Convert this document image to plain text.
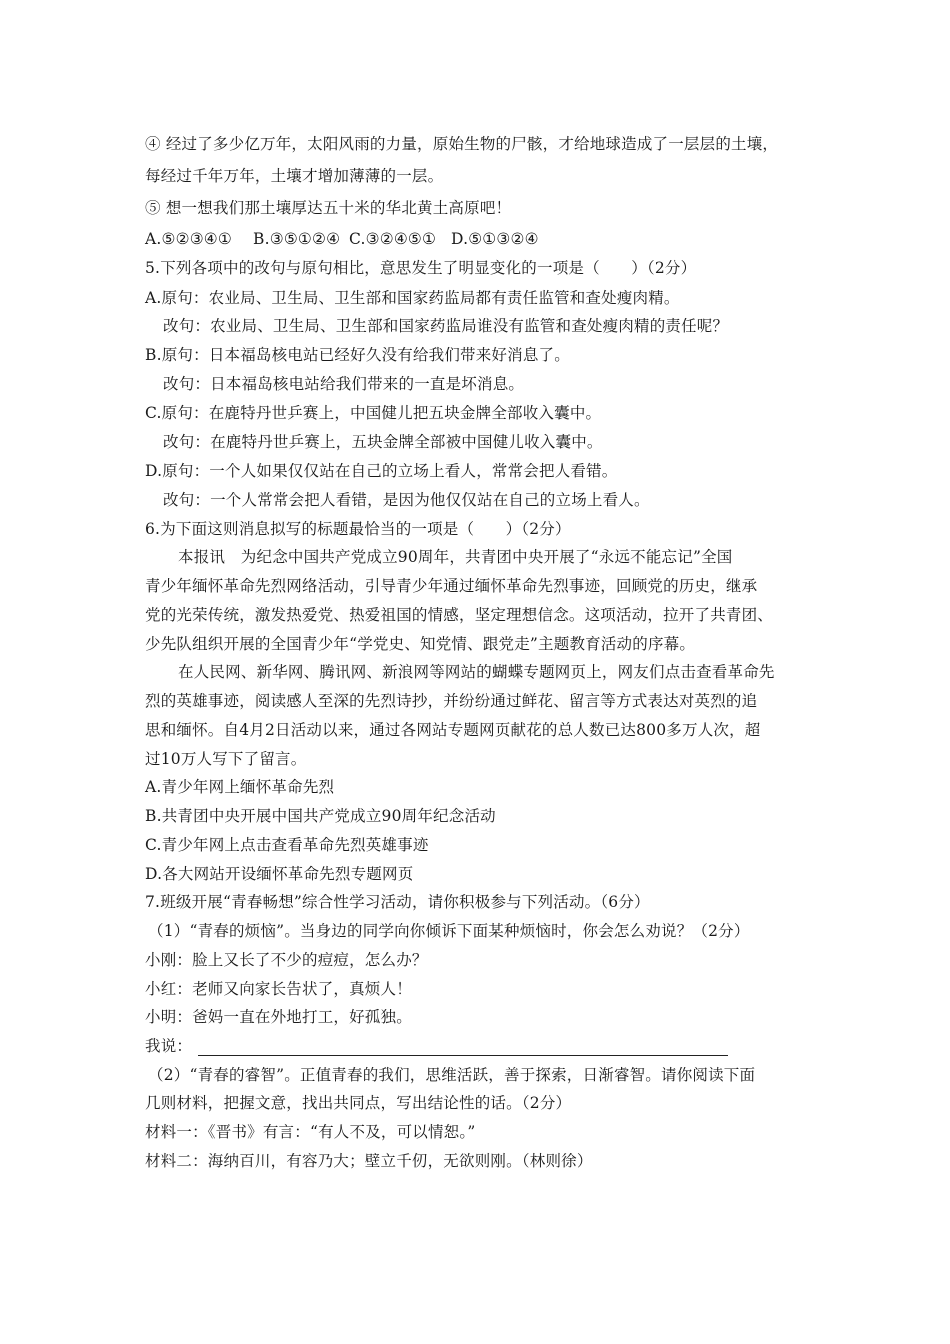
④ 经过了多少亿万年，太阳风雨的力量，原始生物的尸骸，才给地球造成了一层层的土壤，
每经过千年万年，土壤才增加薄薄的一层。
⑤ 想一想我们那土壤厚达五十米的华北黄土高原吧！
A.⑤②③④① B.③⑤①②④ C.③②④⑤① D.⑤①③②④
5.下列各项中的改句与原句相比，意思发生了明显变化的一项是（　　）（2分）
A.原句：农业局、卫生局、卫生部和国家药监局都有责任监管和查处瘦肉精。
改句：农业局、卫生局、卫生部和国家药监局谁没有监管和查处瘦肉精的责任呢？
B.原句：日本福岛核电站已经好久没有给我们带来好消息了。
改句：日本福岛核电站给我们带来的一直是坏消息。
C.原句：在鹿特丹世乒赛上，中国健儿把五块金牌全部收入囊中。
改句：在鹿特丹世乒赛上，五块金牌全部被中国健儿收入囊中。
D.原句：一个人如果仅仅站在自己的立场上看人，常常会把人看错。
改句：一个人常常会把人看错，是因为他仅仅站在自己的立场上看人。
6.为下面这则消息拟写的标题最恰当的一项是（　　）（2分）
本报讯　为纪念中国共产党成立90周年，共青团中央开展了“永远不能忘记”全国
青少年缅怀革命先烈网络活动，引导青少年通过缅怀革命先烈事迹，回顾党的历史，继承
党的光荣传统，激发热爱党、热爱祖国的情感，坚定理想信念。这项活动，拉开了共青团、
少先队组织开展的全国青少年“学党史、知党情、跟党走”主题教育活动的序幕。
在人民网、新华网、腾讯网、新浪网等网站的蝴蝶专题网页上，网友们点击查看革命先
烈的英雄事迹，阅读感人至深的先烈诗抄，并纷纷通过鲜花、留言等方式表达对英烈的追
思和缅怀。自4月2日活动以来，通过各网站专题网页献花的总人数已达800多万人次，超
过10万人写下了留言。
A.青少年网上缅怀革命先烈
B.共青团中央开展中国共产党成立90周年纪念活动
C.青少年网上点击查看革命先烈英雄事迹
D.各大网站开设缅怀革命先烈专题网页
7.班级开展“青春畅想”综合性学习活动，请你积极参与下列活动。（6分）
（1）“青春的烦恼”。当身边的同学向你倾诉下面某种烦恼时，你会怎么劝说？（2分）
小刚：脸上又长了不少的痘痘，怎么办？
小红：老师又向家长告状了，真烦人！
小明：爸妈一直在外地打工，好孤独。
我说：
（2）“青春的睿智”。正值青春的我们，思维活跃，善于探索，日渐睿智。请你阅读下面
几则材料，把握文意，找出共同点，写出结论性的话。（2分）
材料一：《晋书》有言：“有人不及，可以情恕。”
材料二：海纳百川，有容乃大；壁立千仞，无欲则刚。（林则徐）
